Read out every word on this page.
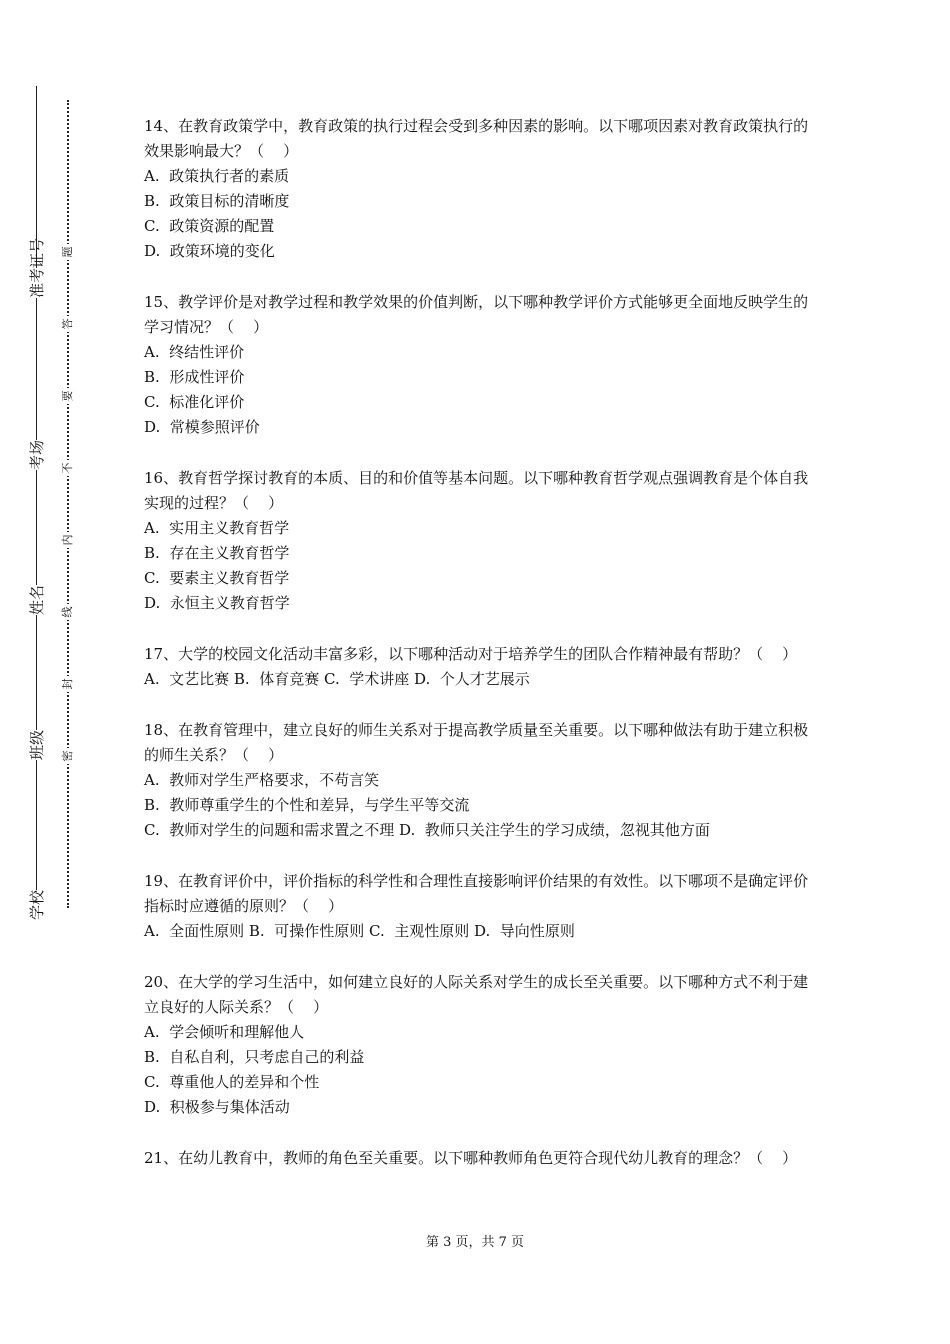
准考证号
考场
姓名
班级
学校
题
答
要
不
内
线
封
密

14、在教育政策学中，教育政策的执行过程会受到多种因素的影响。以下哪项因素对教育政策执行的效果影响最大？（    ）

A.  政策执行者的素质

B.  政策目标的清晰度

C.  政策资源的配置

D.  政策环境的变化

15、教学评价是对教学过程和教学效果的价值判断，以下哪种教学评价方式能够更全面地反映学生的学习情况？（    ）

A.  终结性评价

B.  形成性评价

C.  标准化评价

D.  常模参照评价

16、教育哲学探讨教育的本质、目的和价值等基本问题。以下哪种教育哲学观点强调教育是个体自我实现的过程？（    ）

A.  实用主义教育哲学

B.  存在主义教育哲学

C.  要素主义教育哲学

D.  永恒主义教育哲学

17、大学的校园文化活动丰富多彩，以下哪种活动对于培养学生的团队合作精神最有帮助？（    ）

A.  文艺比赛 B.  体育竞赛 C.  学术讲座 D.  个人才艺展示

18、在教育管理中，建立良好的师生关系对于提高教学质量至关重要。以下哪种做法有助于建立积极的师生关系？（    ）

A.  教师对学生严格要求，不苟言笑

B.  教师尊重学生的个性和差异，与学生平等交流

C.  教师对学生的问题和需求置之不理 D.  教师只关注学生的学习成绩，忽视其他方面

19、在教育评价中，评价指标的科学性和合理性直接影响评价结果的有效性。以下哪项不是确定评价指标时应遵循的原则？（    ）

A.  全面性原则 B.  可操作性原则 C.  主观性原则 D.  导向性原则

20、在大学的学习生活中，如何建立良好的人际关系对学生的成长至关重要。以下哪种方式不利于建立良好的人际关系？（    ）

A.  学会倾听和理解他人

B.  自私自利，只考虑自己的利益

C.  尊重他人的差异和个性

D.  积极参与集体活动

21、在幼儿教育中，教师的角色至关重要。以下哪种教师角色更符合现代幼儿教育的理念？（    ）

第 3 页，共 7 页
